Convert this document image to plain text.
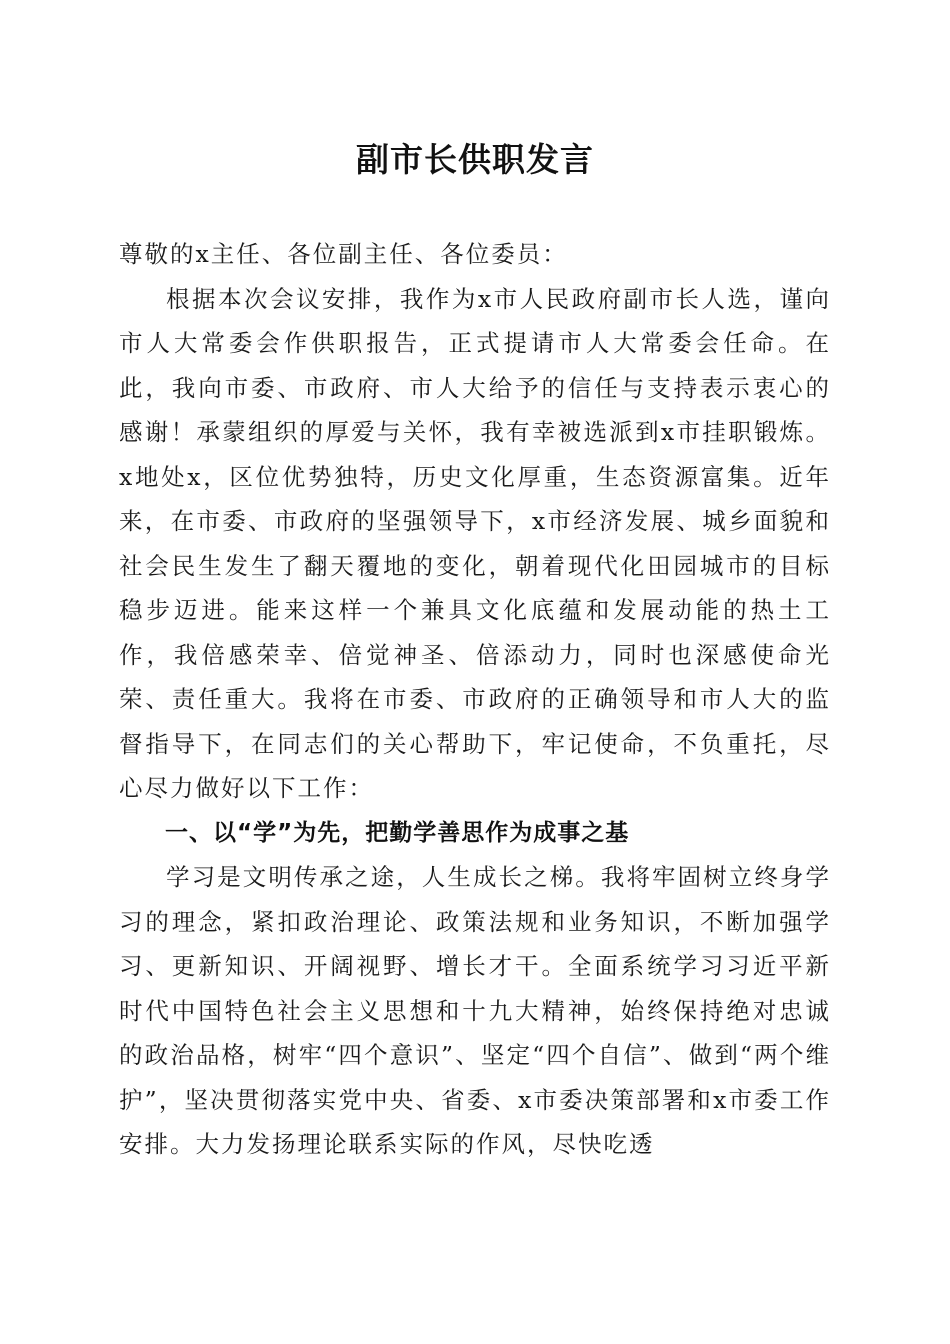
副市长供职发言

尊敬的x主任、各位副主任、各位委员：

根据本次会议安排，我作为x市人民政府副市长人选，谨向市人大常委会作供职报告，正式提请市人大常委会任命。在此，我向市委、市政府、市人大给予的信任与支持表示衷心的感谢！承蒙组织的厚爱与关怀，我有幸被选派到x市挂职锻炼。x地处x，区位优势独特，历史文化厚重，生态资源富集。近年来，在市委、市政府的坚强领导下，x市经济发展、城乡面貌和社会民生发生了翻天覆地的变化，朝着现代化田园城市的目标稳步迈进。能来这样一个兼具文化底蕴和发展动能的热土工作，我倍感荣幸、倍觉神圣、倍添动力，同时也深感使命光荣、责任重大。我将在市委、市政府的正确领导和市人大的监督指导下，在同志们的关心帮助下，牢记使命，不负重托，尽心尽力做好以下工作：

一、以“学”为先，把勤学善思作为成事之基

学习是文明传承之途，人生成长之梯。我将牢固树立终身学习的理念，紧扣政治理论、政策法规和业务知识，不断加强学习、更新知识、开阔视野、增长才干。全面系统学习习近平新时代中国特色社会主义思想和十九大精神，始终保持绝对忠诚的政治品格，树牢“四个意识”、坚定“四个自信”、做到“两个维护”，坚决贯彻落实党中央、省委、x市委决策部署和x市委工作安排。大力发扬理论联系实际的作风，尽快吃透
